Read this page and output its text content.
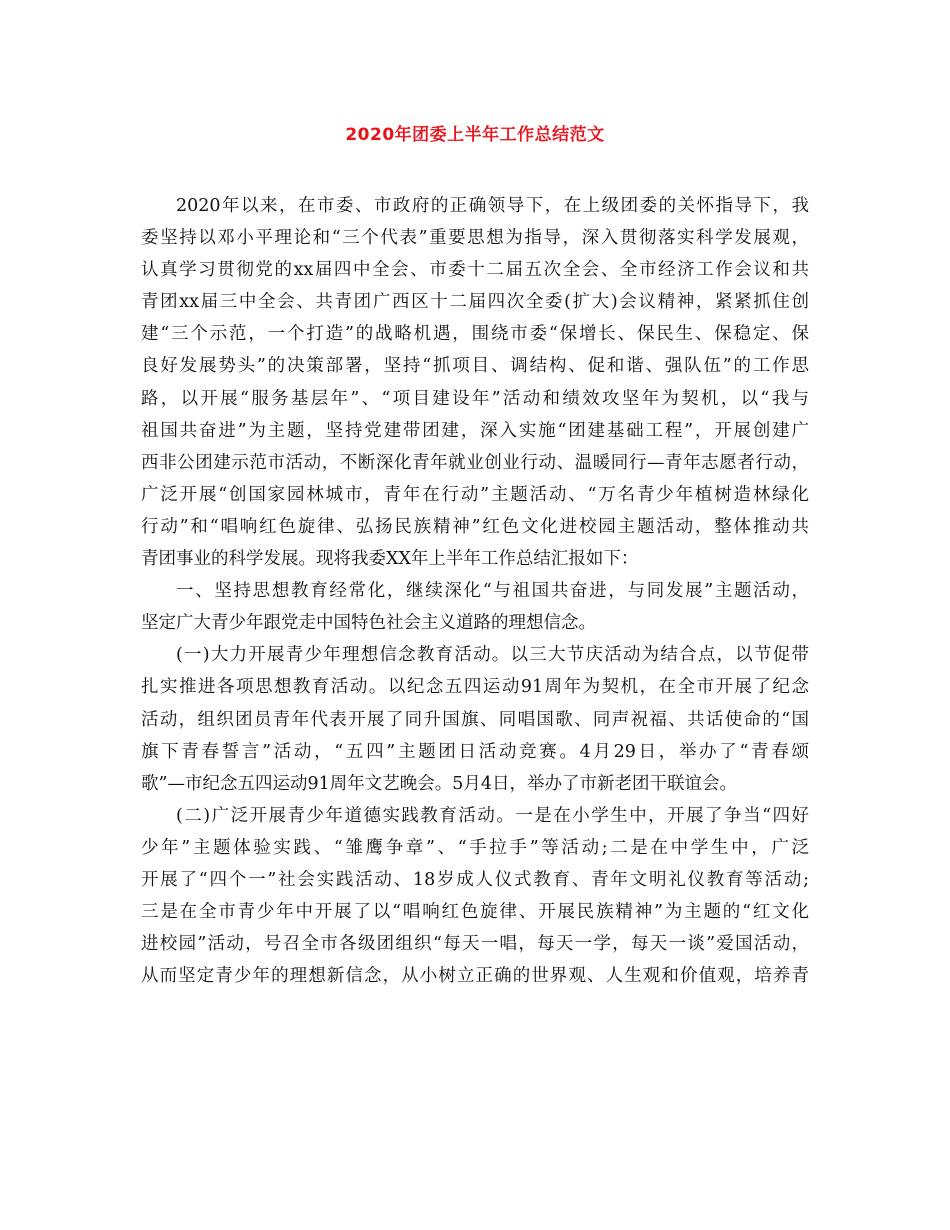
2020年团委上半年工作总结范文
2020年以来，在市委、市政府的正确领导下，在上级团委的关怀指导下，我
委坚持以邓小平理论和“三个代表”重要思想为指导，深入贯彻落实科学发展观，
认真学习贯彻党的xx届四中全会、市委十二届五次全会、全市经济工作会议和共
青团xx届三中全会、共青团广西区十二届四次全委(扩大)会议精神，紧紧抓住创
建“三个示范，一个打造”的战略机遇，围绕市委“保增长、保民生、保稳定、保
良好发展势头”的决策部署，坚持“抓项目、调结构、促和谐、强队伍”的工作思
路，以开展“服务基层年”、“项目建设年”活动和绩效攻坚年为契机，以“我与
祖国共奋进”为主题，坚持党建带团建，深入实施“团建基础工程”，开展创建广
西非公团建示范市活动，不断深化青年就业创业行动、温暖同行—青年志愿者行动，
广泛开展“创国家园林城市，青年在行动”主题活动、“万名青少年植树造林绿化
行动”和“唱响红色旋律、弘扬民族精神”红色文化进校园主题活动，整体推动共
青团事业的科学发展。现将我委XX年上半年工作总结汇报如下：
一、坚持思想教育经常化，继续深化“与祖国共奋进，与同发展”主题活动，
坚定广大青少年跟党走中国特色社会主义道路的理想信念。
(一)大力开展青少年理想信念教育活动。以三大节庆活动为结合点，以节促带
扎实推进各项思想教育活动。以纪念五四运动91周年为契机，在全市开展了纪念
活动，组织团员青年代表开展了同升国旗、同唱国歌、同声祝福、共话使命的“国
旗下青春誓言”活动，“五四”主题团日活动竞赛。4月29日，举办了“青春颂
歌”—市纪念五四运动91周年文艺晚会。5月4日，举办了市新老团干联谊会。
(二)广泛开展青少年道德实践教育活动。一是在小学生中，开展了争当“四好
少年”主题体验实践、“雏鹰争章”、“手拉手”等活动;二是在中学生中，广泛
开展了“四个一”社会实践活动、18岁成人仪式教育、青年文明礼仪教育等活动;
三是在全市青少年中开展了以“唱响红色旋律、开展民族精神”为主题的“红文化
进校园”活动，号召全市各级团组织“每天一唱，每天一学，每天一谈”爱国活动，
从而坚定青少年的理想新信念，从小树立正确的世界观、人生观和价值观，培养青
